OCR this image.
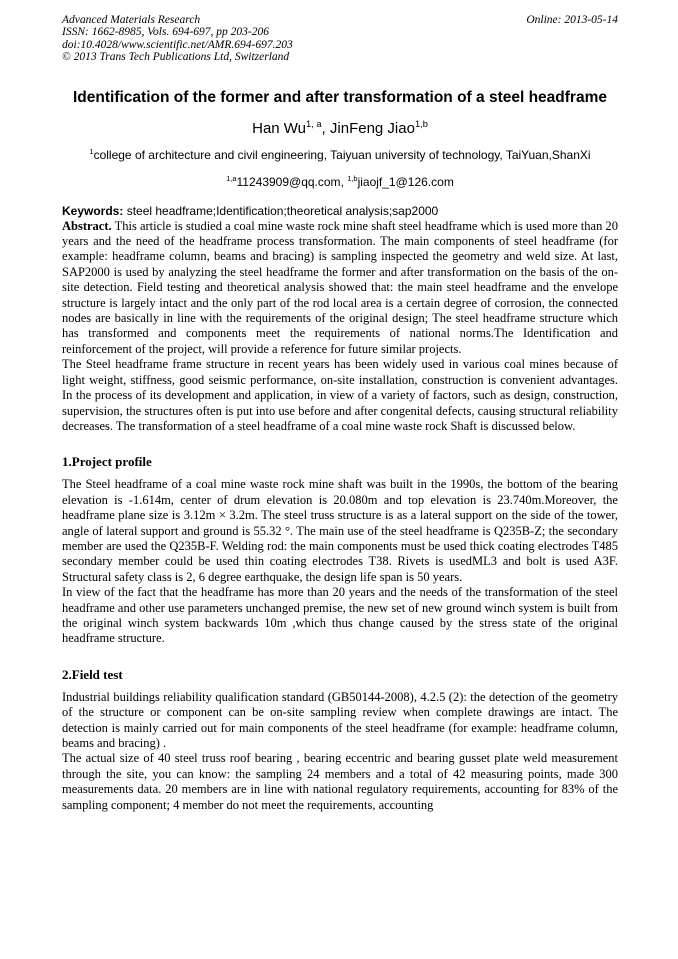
Advanced Materials Research
ISSN: 1662-8985, Vols. 694-697, pp 203-206
doi:10.4028/www.scientific.net/AMR.694-697.203
© 2013 Trans Tech Publications Ltd, Switzerland
Online: 2013-05-14
Identification of the former and after transformation of a steel headframe
Han Wu$^{1, a}$, JinFeng Jiao$^{1,b}$
$^1$college of architecture and civil engineering, Taiyuan university of technology, TaiYuan,ShanXi
$^{1,a}$11243909@qq.com, $^{1,b}$jiaojf_1@126.com
Keywords: steel headframe;Identification;theoretical analysis;sap2000

Abstract. This article is studied a coal mine waste rock mine shaft steel headframe which is used more than 20 years and the need of the headframe process transformation. The main components of steel headframe (for example: headframe column, beams and bracing) is sampling inspected the geometry and weld size. At last, SAP2000 is used by analyzing the steel headframe the former and after transformation on the basis of the on-site detection. Field testing and theoretical analysis showed that: the main steel headframe and the envelope structure is largely intact and the only part of the rod local area is a certain degree of corrosion, the connected nodes are basically in line with the requirements of the original design; The steel headframe structure which has transformed and components meet the requirements of national norms.The Identification and reinforcement of the project, will provide a reference for future similar projects.

The Steel headframe frame structure in recent years has been widely used in various coal mines because of light weight, stiffness, good seismic performance, on-site installation, construction is convenient advantages. In the process of its development and application, in view of a variety of factors, such as design, construction, supervision, the structures often is put into use before and after congenital defects, causing structural reliability decreases. The transformation of a steel headframe of a coal mine waste rock Shaft is discussed below.

1.Project profile

The Steel headframe of a coal mine waste rock mine shaft was built in the 1990s, the bottom of the bearing elevation is -1.614m, center of drum elevation is 20.080m and top elevation is 23.740m.Moreover, the headframe plane size is 3.12m × 3.2m. The steel truss structure is as a lateral support on the side of the tower, angle of lateral support and ground is 55.32 °. The main use of the steel headframe is Q235B-Z; the secondary member are used the Q235B-F. Welding rod: the main components must be used thick coating electrodes T485 secondary member could be used thin coating electrodes T38. Rivets is usedML3 and bolt is used A3F. Structural safety class is 2, 6 degree earthquake, the design life span is 50 years.

In view of the fact that the headframe has more than 20 years and the needs of the transformation of the steel headframe and other use parameters unchanged premise, the new set of new ground winch system is built from the original winch system backwards 10m ,which thus change caused by the stress state of the original headframe structure.

2.Field test

Industrial buildings reliability qualification standard (GB50144-2008), 4.2.5 (2): the detection of the geometry of the structure or component can be on-site sampling review when complete drawings are intact. The detection is mainly carried out for main components of the steel headframe (for example: headframe column, beams and bracing) .

The actual size of 40 steel truss roof bearing , bearing eccentric and bearing gusset plate weld measurement through the site, you can know: the sampling 24 members and a total of 42 measuring points, made 300 measurements data. 20 members are in line with national regulatory requirements, accounting for 83% of the sampling component; 4 member do not meet the requirements, accounting
